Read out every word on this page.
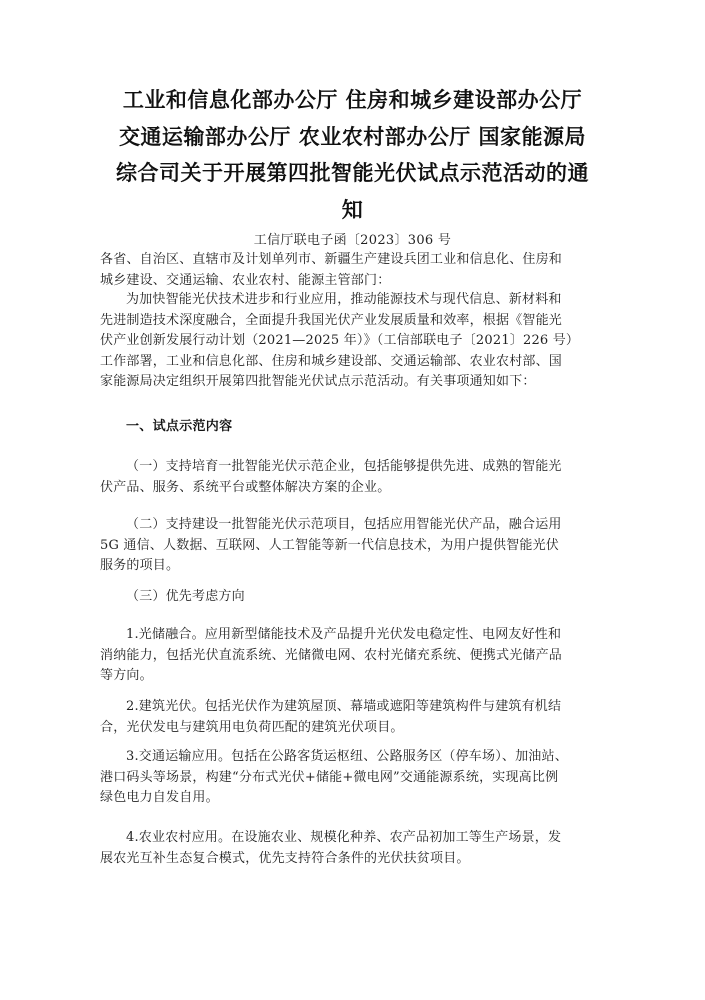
工业和信息化部办公厅 住房和城乡建设部办公厅
交通运输部办公厅 农业农村部办公厅 国家能源局
综合司关于开展第四批智能光伏试点示范活动的通
知
工信厅联电子函〔2023〕306 号
各省、自治区、直辖市及计划单列市、新疆生产建设兵团工业和信息化、住房和
城乡建设、交通运输、农业农村、能源主管部门：
为加快智能光伏技术进步和行业应用，推动能源技术与现代信息、新材料和
先进制造技术深度融合，全面提升我国光伏产业发展质量和效率，根据《智能光
伏产业创新发展行动计划（2021—2025 年）》（工信部联电子〔2021〕226 号）
工作部署，工业和信息化部、住房和城乡建设部、交通运输部、农业农村部、国
家能源局决定组织开展第四批智能光伏试点示范活动。有关事项通知如下：
一、试点示范内容
（一）支持培育一批智能光伏示范企业，包括能够提供先进、成熟的智能光
伏产品、服务、系统平台或整体解决方案的企业。
（二）支持建设一批智能光伏示范项目，包括应用智能光伏产品，融合运用
5G 通信、人数据、互联网、人工智能等新一代信息技术，为用户提供智能光伏
服务的项目。
（三）优先考虑方向
1.光储融合。应用新型储能技术及产品提升光伏发电稳定性、电网友好性和
消纳能力，包括光伏直流系统、光储微电网、农村光储充系统、便携式光储产品
等方向。
2.建筑光伏。包括光伏作为建筑屋顶、幕墙或遮阳等建筑构件与建筑有机结
合，光伏发电与建筑用电负荷匹配的建筑光伏项目。
3.交通运输应用。包括在公路客货运枢纽、公路服务区（停车场）、加油站、
港口码头等场景，构建“分布式光伏+储能+微电网”交通能源系统，实现高比例
绿色电力自发自用。
4.农业农村应用。在设施农业、规模化种养、农产品初加工等生产场景，发
展农光互补生态复合模式，优先支持符合条件的光伏扶贫项目。
